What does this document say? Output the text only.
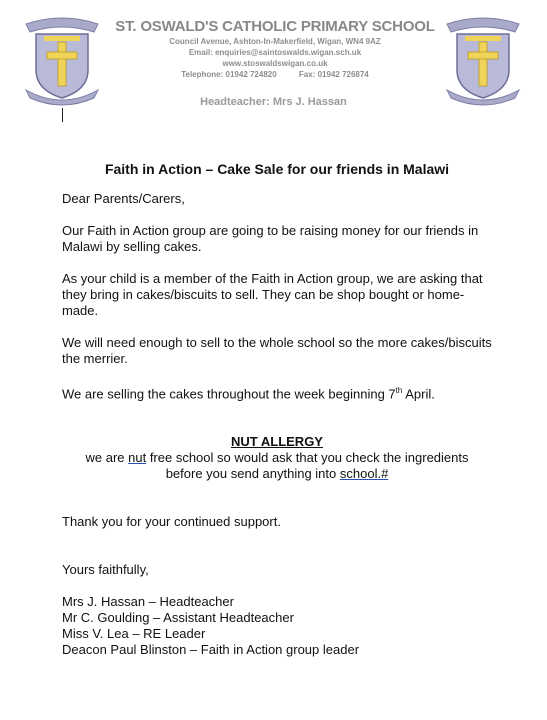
ST. OSWALD'S CATHOLIC PRIMARY SCHOOL

Council Avenue, Ashton-In-Makerfield, Wigan, WN4 9AZ

Email: enquiries@saintoswalds.wigan.sch.uk

www.stoswaldswigan.co.uk

Telephone: 01942 724820	Fax: 01942 726874
Headteacher: Mrs J. Hassan
Faith in Action – Cake Sale for our friends in Malawi

Dear Parents/Carers,

Our Faith in Action group are going to be raising money for our friends in Malawi by selling cakes.

As your child is a member of the Faith in Action group, we are asking that they bring in cakes/biscuits to sell. They can be shop bought or home-made.

We will need enough to sell to the whole school so the more cakes/biscuits the merrier.

We are selling the cakes throughout the week beginning 7th April.

NUT ALLERGY
we are nut free school so would ask that you check the ingredients
before you send anything into school.#

Thank you for your continued support.

Yours faithfully,

Mrs J. Hassan – Headteacher
Mr C. Goulding – Assistant Headteacher
Miss V. Lea – RE Leader
Deacon Paul Blinston – Faith in Action group leader
